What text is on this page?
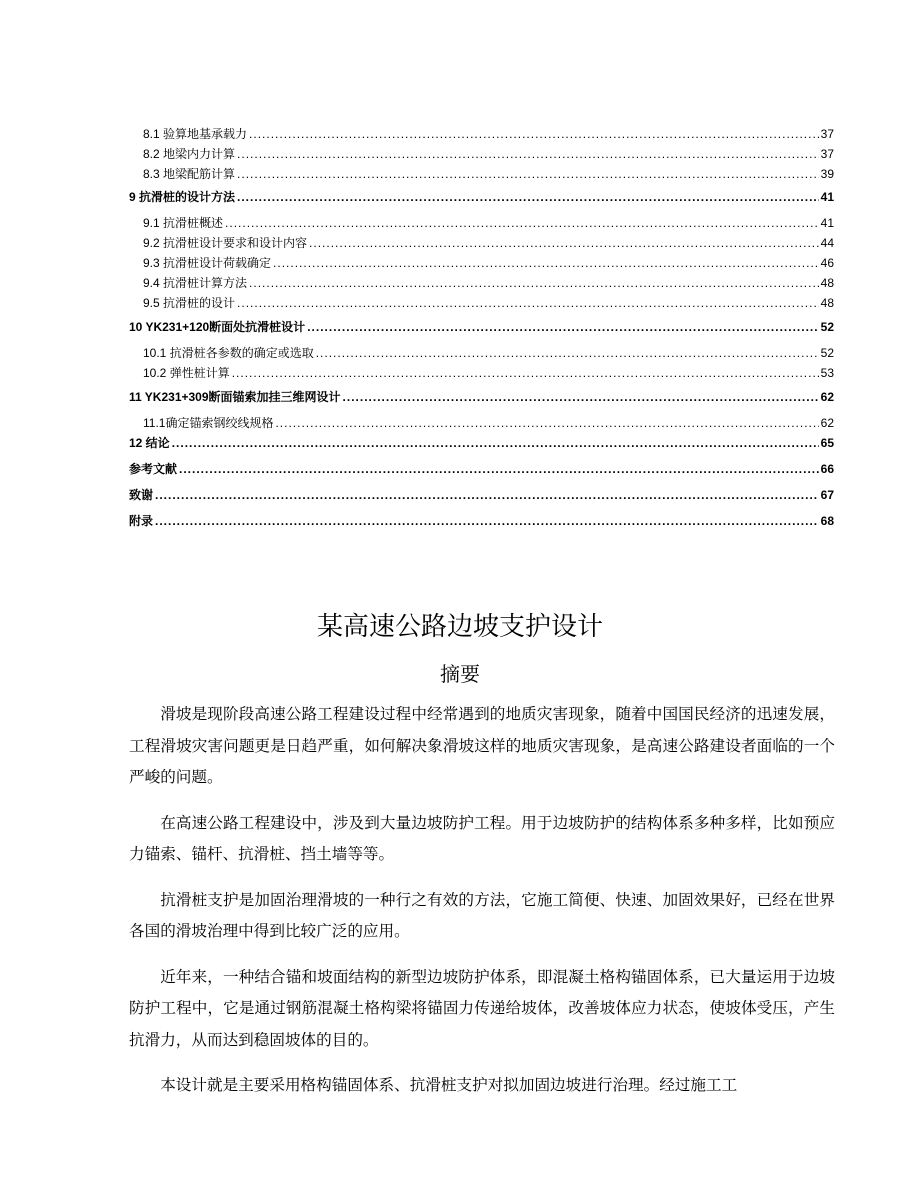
8.1 验算地基承载力 .....	37
8.2 地梁内力计算 .....	37
8.3 地梁配筋计算 .....	39
9 抗滑桩的设计方法 .....	41
9.1 抗滑桩概述 .....	41
9.2 抗滑桩设计要求和设计内容 .....	44
9.3 抗滑桩设计荷载确定 .....	46
9.4 抗滑桩计算方法 .....	48
9.5 抗滑桩的设计 .....	48
10 YK231+120断面处抗滑桩设计 .....	52
10.1 抗滑桩各参数的确定或选取 .....	52
10.2 弹性桩计算 .....	53
11 YK231+309断面锚索加挂三维网设计 .....	62
11.1确定锚索钢绞线规格 .....	62
12 结论 .....	65
参考文献 .....	66
致谢 .....	67
附录 .....	68
某高速公路边坡支护设计
摘要

滑坡是现阶段高速公路工程建设过程中经常遇到的地质灾害现象，随着中国国民经济的迅速发展，工程滑坡灾害问题更是日趋严重，如何解决象滑坡这样的地质灾害现象，是高速公路建设者面临的一个严峻的问题。

在高速公路工程建设中，涉及到大量边坡防护工程。用于边坡防护的结构体系多种多样，比如预应力锚索、锚杆、抗滑桩、挡土墙等等。

抗滑桩支护是加固治理滑坡的一种行之有效的方法，它施工简便、快速、加固效果好，已经在世界各国的滑坡治理中得到比较广泛的应用。

近年来，一种结合锚和坡面结构的新型边坡防护体系，即混凝土格构锚固体系，已大量运用于边坡防护工程中，它是通过钢筋混凝土格构梁将锚固力传递给坡体，改善坡体应力状态，使坡体受压，产生抗滑力，从而达到稳固坡体的目的。

本设计就是主要采用格构锚固体系、抗滑桩支护对拟加固边坡进行治理。经过施工工
